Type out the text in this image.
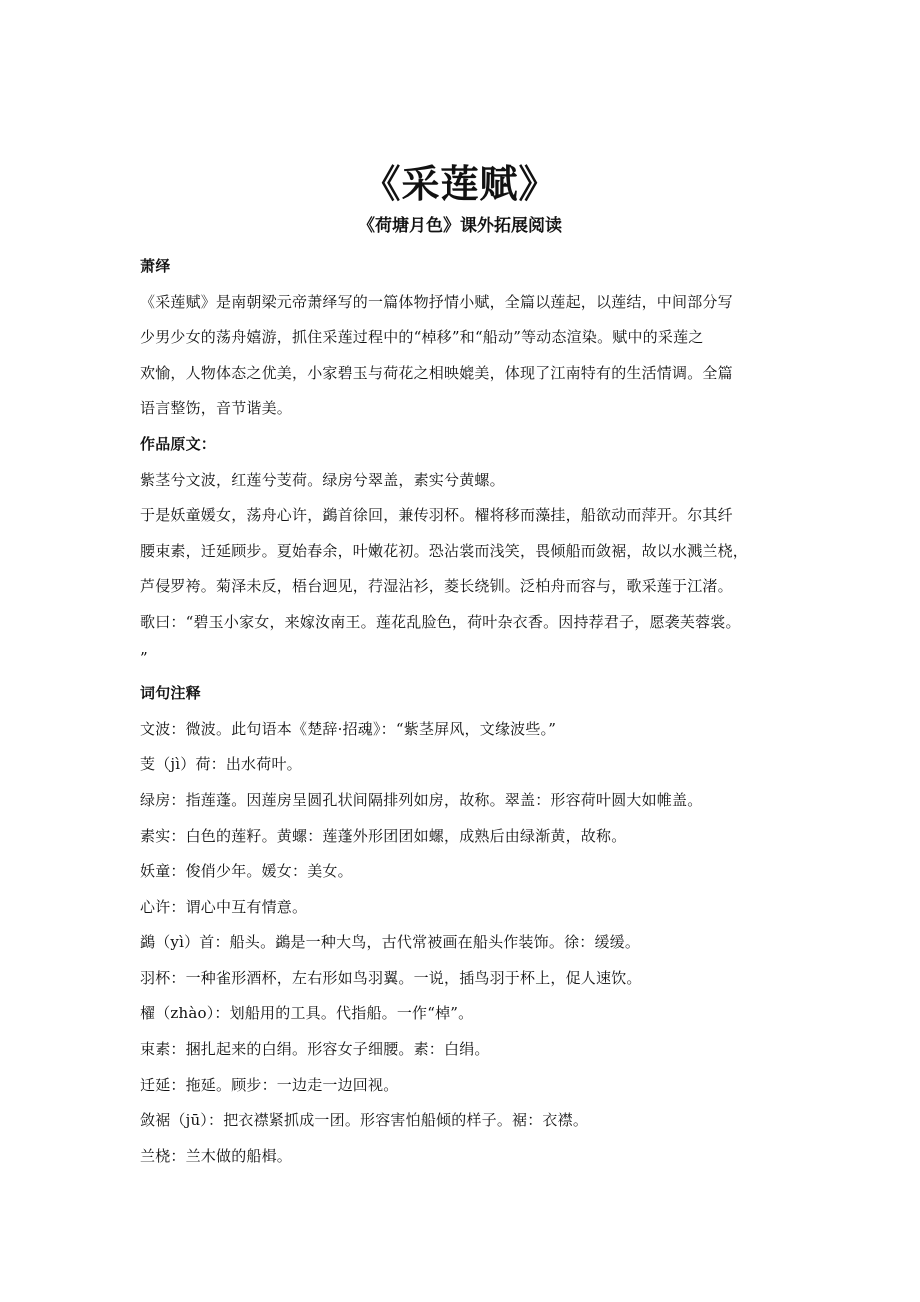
《采莲赋》
《荷塘月色》课外拓展阅读
萧绎
《采莲赋》是南朝梁元帝萧绎写的一篇体物抒情小赋，全篇以莲起，以莲结，中间部分写
少男少女的荡舟嬉游，抓住采莲过程中的“棹移”和“船动”等动态渲染。赋中的采莲之
欢愉，人物体态之优美，小家碧玉与荷花之相映媲美，体现了江南特有的生活情调。全篇
语言整饬，音节谐美。
作品原文：
紫茎兮文波，红莲兮芰荷。绿房兮翠盖，素实兮黄螺。
于是妖童媛女，荡舟心许，鷁首徐回，兼传羽杯。櫂将移而藻挂，船欲动而萍开。尔其纤
腰束素，迁延顾步。夏始春余，叶嫩花初。恐沾裳而浅笑，畏倾船而敛裾，故以水溅兰桡，
芦侵罗袴。菊泽未反，梧台迥见，荇湿沾衫，菱长绕钏。泛柏舟而容与，歌采莲于江渚。
歌曰：“碧玉小家女，来嫁汝南王。莲花乱脸色，荷叶杂衣香。因持荐君子，愿袭芙蓉裳。
”
词句注释
文波：微波。此句语本《楚辞·招魂》：“紫茎屏风，文缘波些。”
芰（jì）荷：出水荷叶。
绿房：指莲蓬。因莲房呈圆孔状间隔排列如房，故称。翠盖：形容荷叶圆大如帷盖。
素实：白色的莲籽。黄螺：莲蓬外形团团如螺，成熟后由绿渐黄，故称。
妖童：俊俏少年。媛女：美女。
心许：谓心中互有情意。
鷁（yì）首：船头。鷁是一种大鸟，古代常被画在船头作装饰。徐：缓缓。
羽杯：一种雀形酒杯，左右形如鸟羽翼。一说，插鸟羽于杯上，促人速饮。
櫂（zhào）：划船用的工具。代指船。一作“棹”。
束素：捆扎起来的白绢。形容女子细腰。素：白绢。
迁延：拖延。顾步：一边走一边回视。
敛裾（jū）：把衣襟紧抓成一团。形容害怕船倾的样子。裾：衣襟。
兰桡：兰木做的船楫。
